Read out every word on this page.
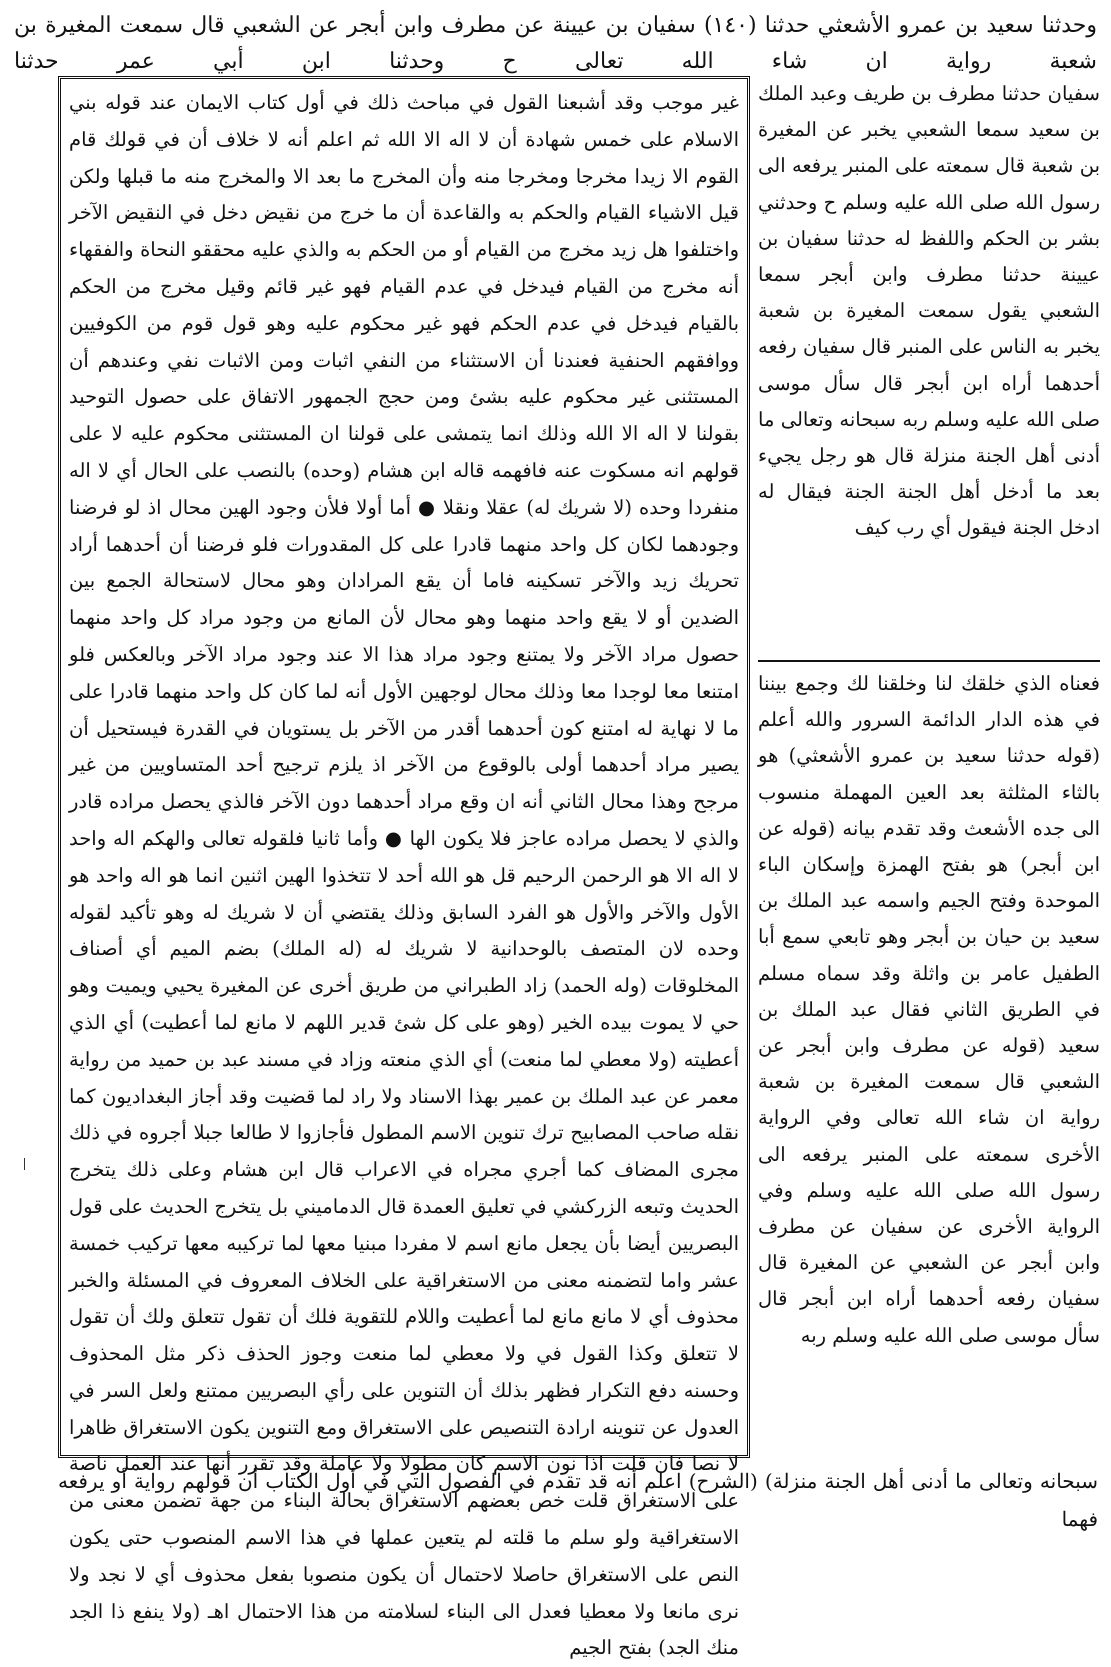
وحدثنا سعيد بن عمرو الأشعثي حدثنا (١٤٠) سفيان بن عيينة عن مطرف وابن أبجر عن الشعبي قال سمعت المغيرة بن شعبة رواية ان شاء الله تعالى ح وحدثنا ابن أبي عمر حدثنا
غير موجب وقد أشبعنا القول في مباحث ذلك في أول كتاب الايمان عند قوله بني الاسلام على خمس شهادة أن لا اله الا الله ثم اعلم أنه لا خلاف أن في قولك قام القوم الا زيدا مخرجا ومخرجا منه وأن المخرج ما بعد الا والمخرج منه ما قبلها ولكن قيل الاشياء القيام والحكم به والقاعدة أن ما خرج من نقيض دخل في النقيض الآخر واختلفوا هل زيد مخرج من القيام أو من الحكم به والذي عليه محققو النحاة والفقهاء أنه مخرج من القيام فيدخل في عدم القيام فهو غير قائم وقيل مخرج من الحكم بالقيام فيدخل في عدم الحكم فهو غير محكوم عليه وهو قول قوم من الكوفيين ووافقهم الحنفية فعندنا أن الاستثناء من النفي اثبات ومن الاثبات نفي وعندهم أن المستثنى غير محكوم عليه بشئ ومن حجج الجمهور الاتفاق على حصول التوحيد بقولنا لا اله الا الله وذلك انما يتمشى على قولنا ان المستثنى محكوم عليه لا على قولهم انه مسكوت عنه فافهمه قاله ابن هشام (وحده) بالنصب على الحال أي لا اله منفردا وحده (لا شريك له) عقلا ونقلا ● أما أولا فلأن وجود الهين محال اذ لو فرضنا وجودهما لكان كل واحد منهما قادرا على كل المقدورات فلو فرضنا أن أحدهما أراد تحريك زيد والآخر تسكينه فاما أن يقع المرادان وهو محال لاستحالة الجمع بين الضدين أو لا يقع واحد منهما وهو محال لأن المانع من وجود مراد كل واحد منهما حصول مراد الآخر ولا يمتنع وجود مراد هذا الا عند وجود مراد الآخر وبالعكس فلو امتنعا معا لوجدا معا وذلك محال لوجهين الأول أنه لما كان كل واحد منهما قادرا على ما لا نهاية له امتنع كون أحدهما أقدر من الآخر بل يستويان في القدرة فيستحيل أن يصير مراد أحدهما أولى بالوقوع من الآخر اذ يلزم ترجيح أحد المتساويين من غير مرجح وهذا محال الثاني أنه ان وقع مراد أحدهما دون الآخر فالذي يحصل مراده قادر والذي لا يحصل مراده عاجز فلا يكون الها ● وأما ثانيا فلقوله تعالى والهكم اله واحد لا اله الا هو الرحمن الرحيم قل هو الله أحد لا تتخذوا الهين اثنين انما هو اله واحد هو الأول والآخر والأول هو الفرد السابق وذلك يقتضي أن لا شريك له وهو تأكيد لقوله وحده لان المتصف بالوحدانية لا شريك له (له الملك) بضم الميم أي أصناف المخلوقات (وله الحمد) زاد الطبراني من طريق أخرى عن المغيرة يحيي ويميت وهو حي لا يموت بيده الخير (وهو على كل شئ قدير اللهم لا مانع لما أعطيت) أي الذي أعطيته (ولا معطي لما منعت) أي الذي منعته وزاد في مسند عبد بن حميد من رواية معمر عن عبد الملك بن عمير بهذا الاسناد ولا راد لما قضيت وقد أجاز البغداديون كما نقله صاحب المصابيح ترك تنوين الاسم المطول فأجازوا لا طالعا جبلا أجروه في ذلك مجرى المضاف كما أجري مجراه في الاعراب قال ابن هشام وعلى ذلك يتخرج الحديث وتبعه الزركشي في تعليق العمدة قال الدماميني بل يتخرج الحديث على قول البصريين أيضا بأن يجعل مانع اسم لا مفردا مبنيا معها لما تركيبه معها تركيب خمسة عشر واما لتضمنه معنى من الاستغراقية على الخلاف المعروف في المسئلة والخبر محذوف أي لا مانع مانع لما أعطيت واللام للتقوية فلك أن تقول تتعلق ولك أن تقول لا تتعلق وكذا القول في ولا معطي لما منعت وجوز الحذف ذكر مثل المحذوف وحسنه دفع التكرار فظهر بذلك أن التنوين على رأي البصريين ممتنع ولعل السر في العدول عن تنوينه ارادة التنصيص على الاستغراق ومع التنوين يكون الاستغراق ظاهرا لا نصا فان قلت اذا نون الاسم كان مطولا ولا عاملة وقد تقرر أنها عند العمل ناصة على الاستغراق قلت خص بعضهم الاستغراق بحالة البناء من جهة تضمن معنى من الاستغراقية ولو سلم ما قلته لم يتعين عملها في هذا الاسم المنصوب حتى يكون النص على الاستغراق حاصلا لاحتمال أن يكون منصوبا بفعل محذوف أي لا نجد ولا نرى مانعا ولا معطيا فعدل الى البناء لسلامته من هذا الاحتمال اهـ (ولا ينفع ذا الجد منك الجد) بفتح الجيم
سفيان حدثنا مطرف بن طريف وعبد الملك بن سعيد سمعا الشعبي يخبر عن المغيرة بن شعبة قال سمعته على المنبر يرفعه الى رسول الله صلى الله عليه وسلم ح وحدثني بشر بن الحكم واللفظ له حدثنا سفيان بن عيينة حدثنا مطرف وابن أبجر سمعا الشعبي يقول سمعت المغيرة بن شعبة يخبر به الناس على المنبر قال سفيان رفعه أحدهما أراه ابن أبجر قال سأل موسى صلى الله عليه وسلم ربه سبحانه وتعالى ما أدنى أهل الجنة منزلة قال هو رجل يجيء بعد ما أدخل أهل الجنة الجنة فيقال له ادخل الجنة فيقول أي رب كيف
فعناه الذي خلقك لنا وخلقنا لك وجمع بيننا في هذه الدار الدائمة السرور والله أعلم (قوله حدثنا سعيد بن عمرو الأشعثي) هو بالثاء المثلثة بعد العين المهملة منسوب الى جده الأشعث وقد تقدم بيانه (قوله عن ابن أبجر) هو بفتح الهمزة وإسكان الباء الموحدة وفتح الجيم واسمه عبد الملك بن سعيد بن حيان بن أبجر وهو تابعي سمع أبا الطفيل عامر بن واثلة وقد سماه مسلم في الطريق الثاني فقال عبد الملك بن سعيد (قوله عن مطرف وابن أبجر عن الشعبي قال سمعت المغيرة بن شعبة رواية ان شاء الله تعالى وفي الرواية الأخرى سمعته على المنبر يرفعه الى رسول الله صلى الله عليه وسلم وفي الرواية الأخرى عن سفيان عن مطرف وابن أبجر عن الشعبي عن المغيرة قال سفيان رفعه أحدهما أراه ابن أبجر قال سأل موسى صلى الله عليه وسلم ربه
سبحانه وتعالى ما أدنى أهل الجنة منزلة) (الشرح) اعلم أنه قد تقدم في الفصول التي في أول الكتاب أن قولهم رواية أو يرفعه فهما
